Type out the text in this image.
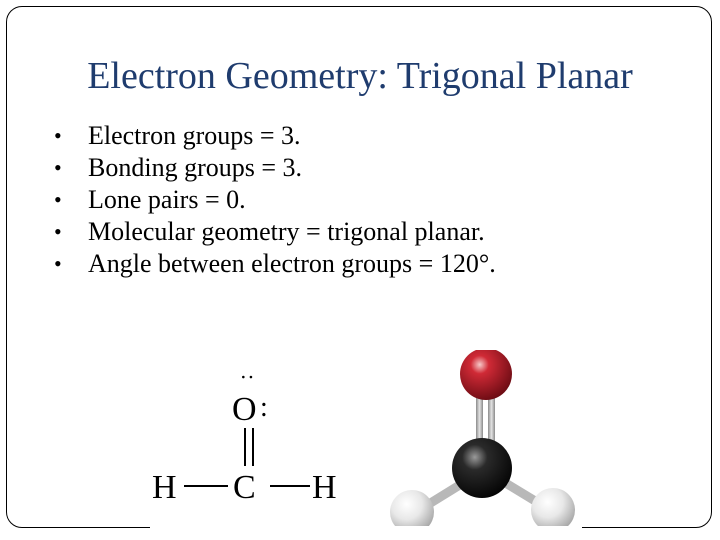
Electron Geometry: Trigonal Planar
• Electron groups = 3.
• Bonding groups = 3.
• Lone pairs = 0.
• Molecular geometry = trigonal planar.
• Angle between electron groups = 120°.
:
O :
C
H	H
